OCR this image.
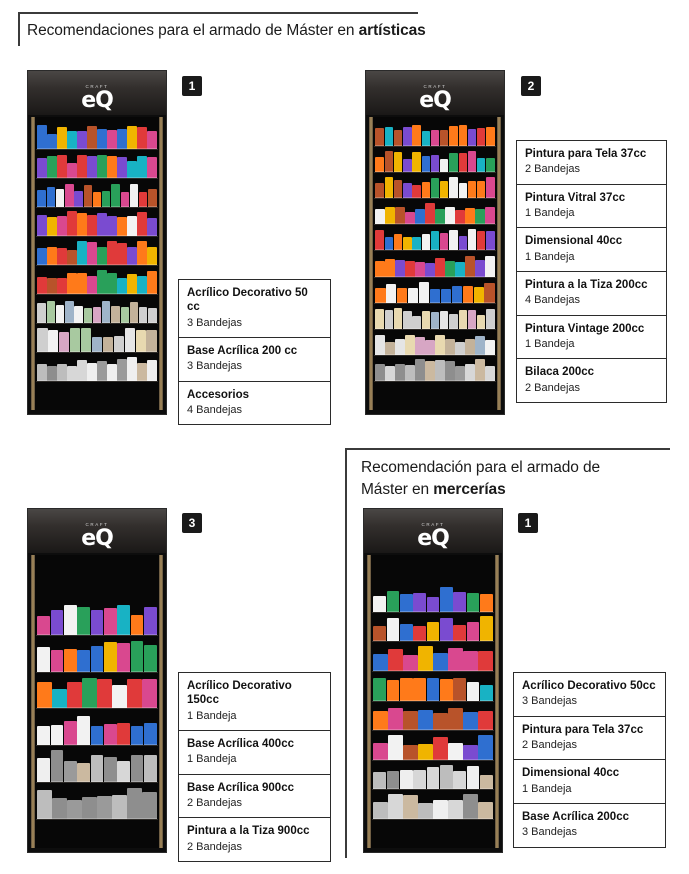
Recomendaciones para el armado de Máster en artísticas
CRAFT
eQ
1
Acrílico Decorativo 50 cc
3 Bandejas
Base Acrílica 200 cc
3 Bandejas
Accesorios
4 Bandejas
CRAFT
eQ
2
Pintura para Tela 37cc
2 Bandejas
Pintura Vitral 37cc
1 Bandeja
Dimensional 40cc
1 Bandeja
Pintura a la Tiza 200cc
4 Bandejas
Pintura Vintage 200cc
1 Bandeja
Bilaca 200cc
2 Bandejas
CRAFT
eQ
3
Acrílico Decorativo 150cc
1 Bandeja
Base Acrílica 400cc
1 Bandeja
Base Acrílica 900cc
2 Bandejas
Pintura a la Tiza 900cc
2 Bandejas
Recomendación para el armado de
Máster en mercerías
CRAFT
eQ
1
Acrílico Decorativo 50cc
3 Bandejas
Pintura para Tela 37cc
2 Bandejas
Dimensional 40cc
1 Bandeja
Base Acrílica 200cc
3 Bandejas
